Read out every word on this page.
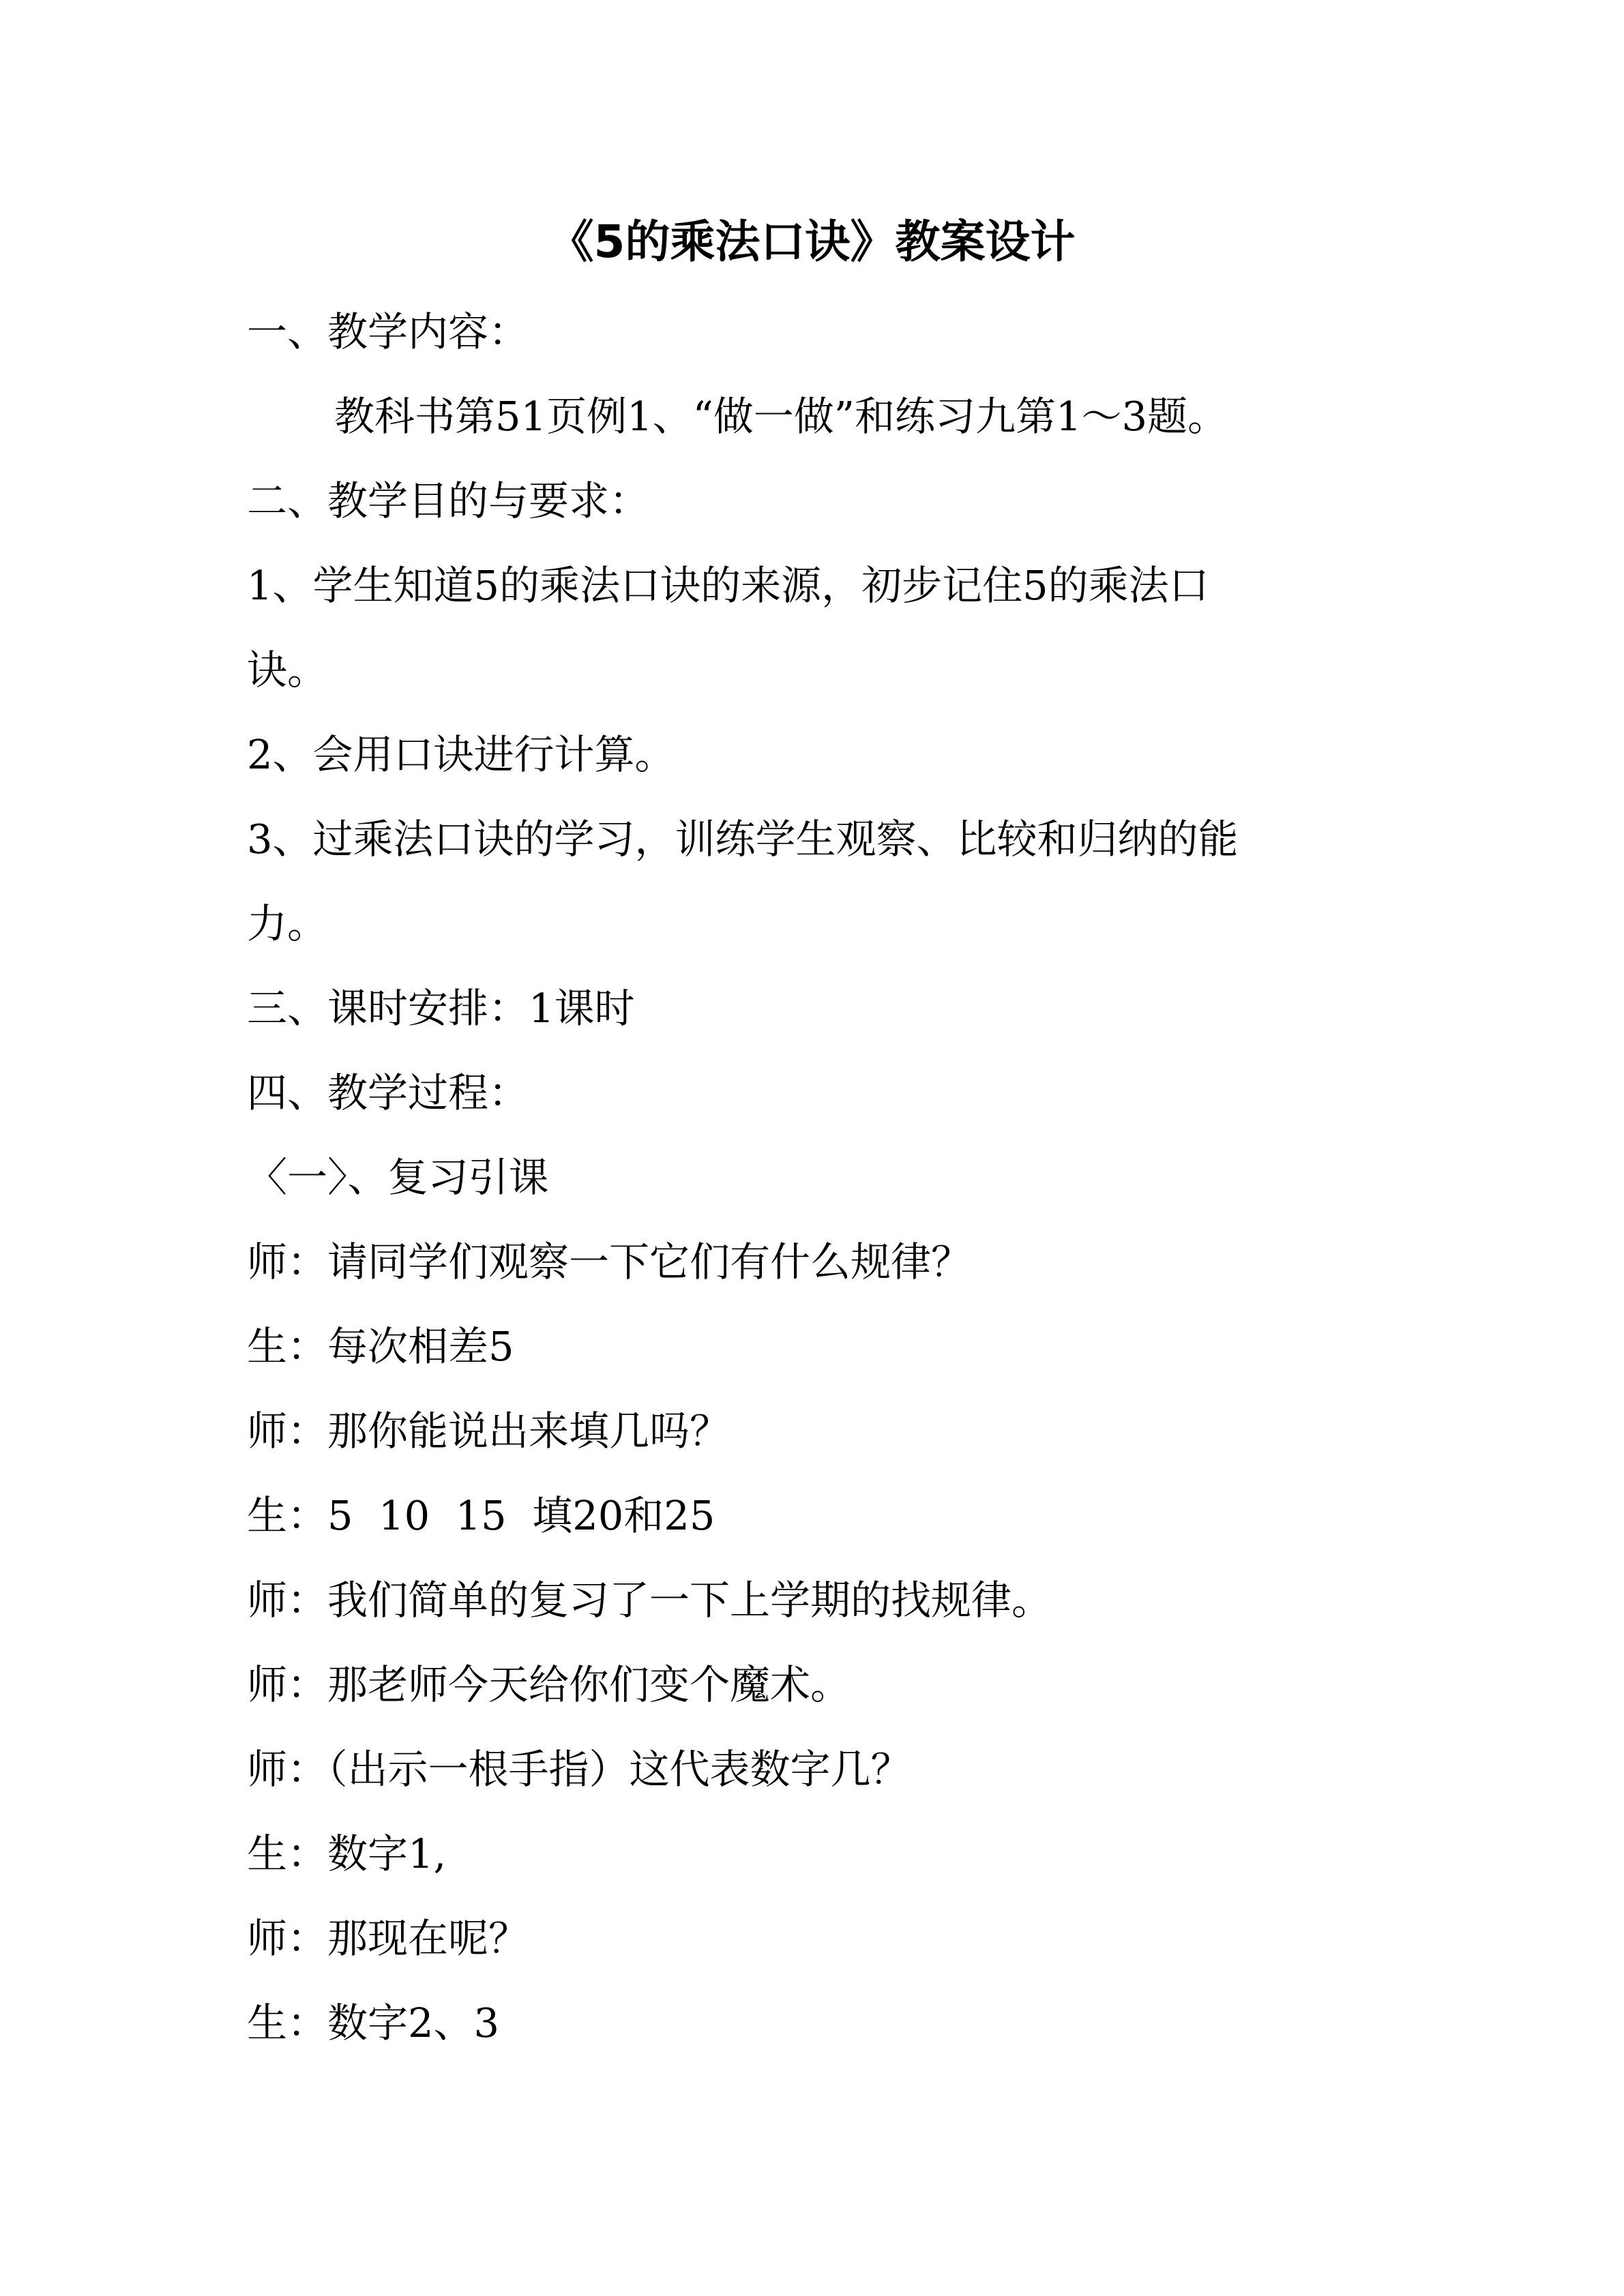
《5的乘法口诀》教案设计
一、教学内容：
教科书第51页例1、“做一做”和练习九第1～3题。
二、教学目的与要求：
1、学生知道5的乘法口诀的来源，初步记住5的乘法口
诀。
2、会用口诀进行计算。
3、过乘法口诀的学习，训练学生观察、比较和归纳的能
力。
三、课时安排：1课时
四、教学过程：
〈一〉、复习引课
师：请同学们观察一下它们有什么规律？
生：每次相差5
师：那你能说出来填几吗？
生：5  10  15  填20和25
师：我们简单的复习了一下上学期的找规律。
师：那老师今天给你们变个魔术。
师：（出示一根手指）这代表数字几？
生：数字1,
师：那现在呢？
生：数字2、3
